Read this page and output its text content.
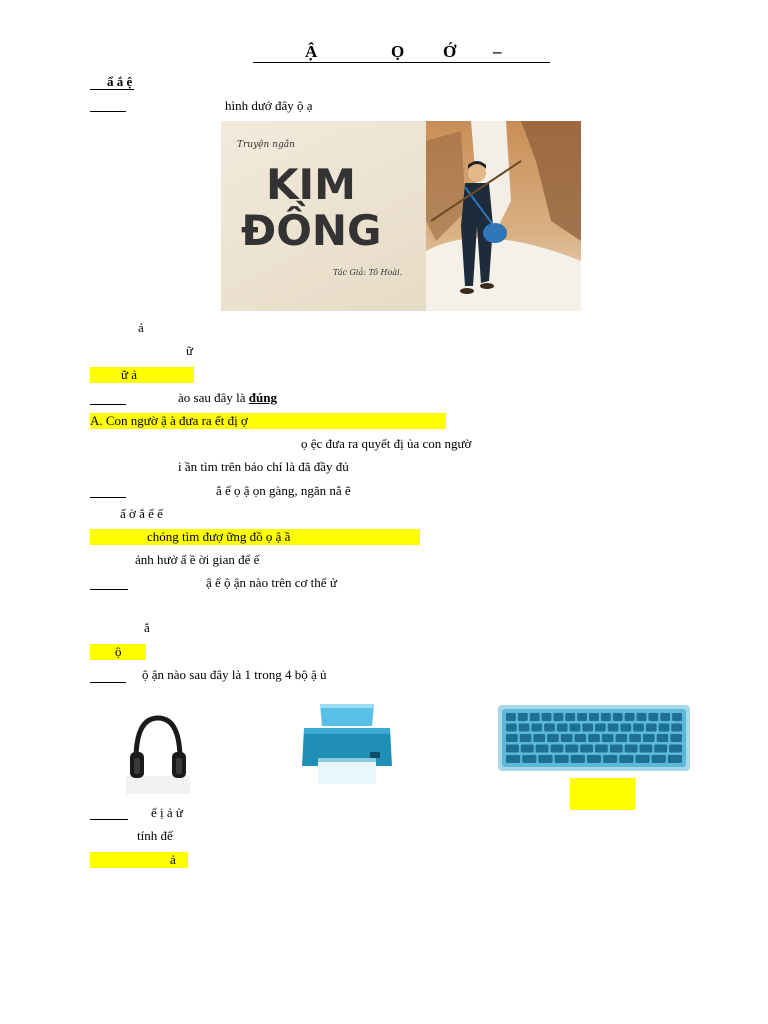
Ậ	Ọ Ớ –
ẩ ắ ệ
hình dướ đây ộ ạ
Truyện ngắn
KIM
ĐỒNG
Tác Giả: Tô Hoài.
ả
ữ
ữ ả
ào sau đây là đúng
A. Con ngườ ậ à đưa ra ết đị ợ
ọ ệc đưa ra quyết đị ủa con ngườ
i ần tìm trên báo chí là đã đầy đủ
ắ ể ọ ậ ọn gàng, ngăn nắ ẽ
ấ ờ ắ ể ế
chóng tìm đượ ững đồ ọ ậ ầ
ảnh hưở ấ ề ời gian để ế
ậ ể ộ ận nào trên cơ thể ử
ắ
ộ
ộ ận nào sau đây là 1 trong 4 bộ ậ ủ
ế ị ả ử
tính để
ả
